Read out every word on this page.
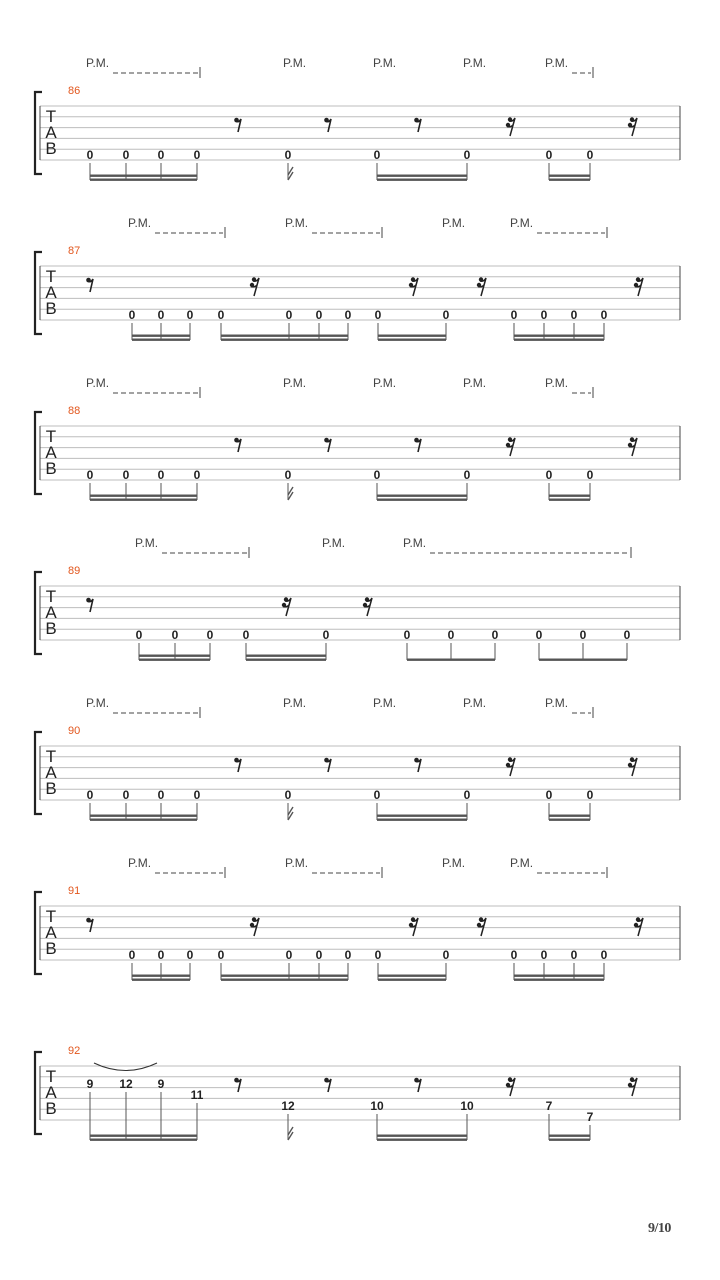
P.M.	P.M.	P.M.	P.M.	P.M.
86
T
A
B 0 0 0 0	0	0	0	0	0
P.M.	P.M.	P.M.	P.M.
87
T
A
B	0 0 0 0	0 0 0 0	0	0 0 0 0
P.M.	P.M.	P.M.	P.M.	P.M.
88
T
A
B 0 0 0 0	0	0	0	0	0
P.M.	P.M.	P.M.
89
T
A
B	0 0 0 0	0	0	0	0	0	0	0
P.M.	P.M.	P.M.	P.M.	P.M.
90
T
A
B 0 0 0 0	0	0	0	0	0
P.M.	P.M.	P.M.	P.M.
91
T
A
B	0 0 0 0	0 0 0 0	0	0 0 0 0
92
T
A
B
9 12 9
11
12	10	10	7
7
9/10
